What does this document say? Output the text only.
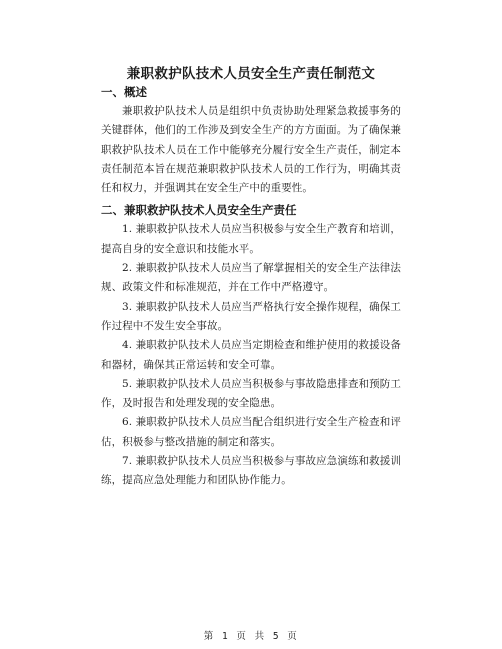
兼职救护队技术人员安全生产责任制范文
一、概述

兼职救护队技术人员是组织中负责协助处理紧急救援事务的关键群体，他们的工作涉及到安全生产的方方面面。为了确保兼职救护队技术人员在工作中能够充分履行安全生产责任，制定本责任制范本旨在规范兼职救护队技术人员的工作行为，明确其责任和权力，并强调其在安全生产中的重要性。

二、兼职救护队技术人员安全生产责任

1. 兼职救护队技术人员应当积极参与安全生产教育和培训，提高自身的安全意识和技能水平。

2. 兼职救护队技术人员应当了解掌握相关的安全生产法律法规、政策文件和标准规范，并在工作中严格遵守。

3. 兼职救护队技术人员应当严格执行安全操作规程，确保工作过程中不发生安全事故。

4. 兼职救护队技术人员应当定期检查和维护使用的救援设备和器材，确保其正常运转和安全可靠。

5. 兼职救护队技术人员应当积极参与事故隐患排查和预防工作，及时报告和处理发现的安全隐患。

6. 兼职救护队技术人员应当配合组织进行安全生产检查和评估，积极参与整改措施的制定和落实。

7. 兼职救护队技术人员应当积极参与事故应急演练和救援训练，提高应急处理能力和团队协作能力。

第 1 页 共 5 页
